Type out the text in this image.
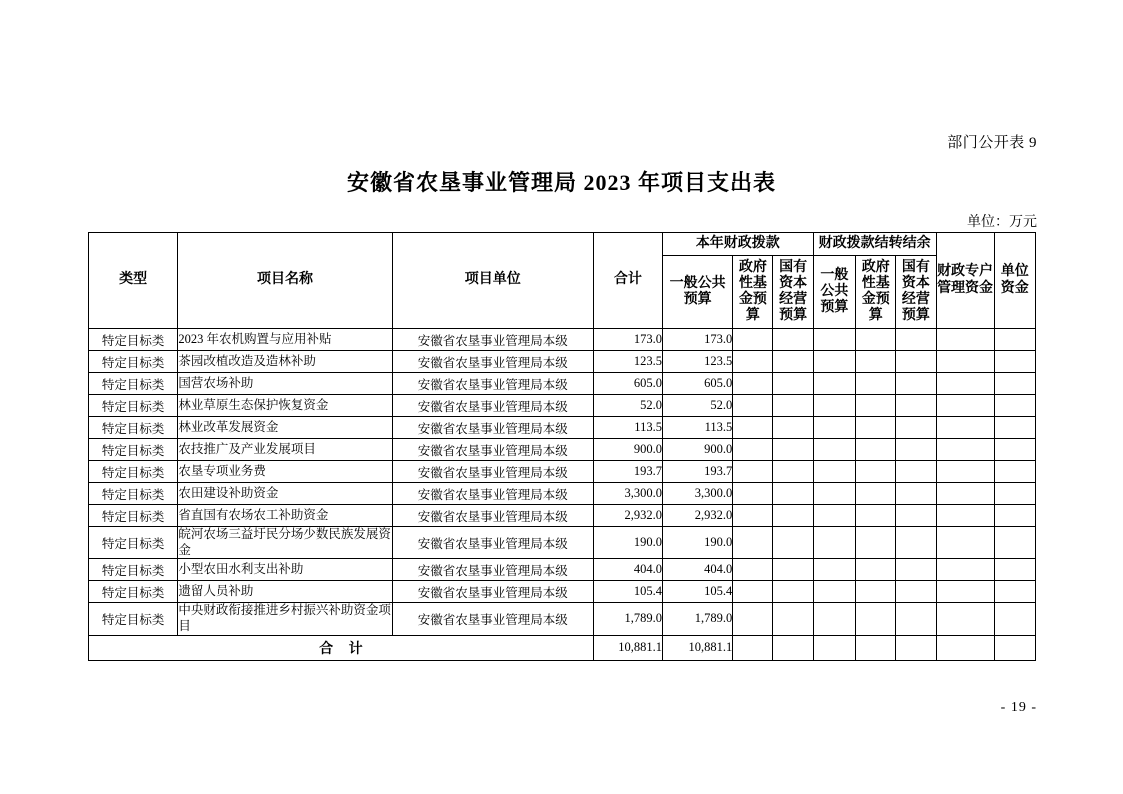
部门公开表 9
安徽省农垦事业管理局 2023 年项目支出表
单位：万元
类型	项目名称	项目单位	合计	本年财政拨款			财政拨款结转结余			财政专户管理资金	单位资金
				一般公共预算	政府性基金预算	国有资本经营预算	一般公共预算	政府性基金预算	国有资本经营预算		

特定目标类	2023 年农机购置与应用补贴	安徽省农垦事业管理局本级	173.0	173.0							
特定目标类	茶园改植改造及造林补助	安徽省农垦事业管理局本级	123.5	123.5							
特定目标类	国营农场补助	安徽省农垦事业管理局本级	605.0	605.0							
特定目标类	林业草原生态保护恢复资金	安徽省农垦事业管理局本级	52.0	52.0							
特定目标类	林业改革发展资金	安徽省农垦事业管理局本级	113.5	113.5							
特定目标类	农技推广及产业发展项目	安徽省农垦事业管理局本级	900.0	900.0							
特定目标类	农垦专项业务费	安徽省农垦事业管理局本级	193.7	193.7							
特定目标类	农田建设补助资金	安徽省农垦事业管理局本级	3,300.0	3,300.0							
特定目标类	省直国有农场农工补助资金	安徽省农垦事业管理局本级	2,932.0	2,932.0							
特定目标类	皖河农场三益圩民分场少数民族发展资金	安徽省农垦事业管理局本级	190.0	190.0							
特定目标类	小型农田水利支出补助	安徽省农垦事业管理局本级	404.0	404.0							
特定目标类	遗留人员补助	安徽省农垦事业管理局本级	105.4	105.4							
特定目标类	中央财政衔接推进乡村振兴补助资金项目	安徽省农垦事业管理局本级	1,789.0	1,789.0							
合 计			10,881.1	10,881.1							
- 19 -
